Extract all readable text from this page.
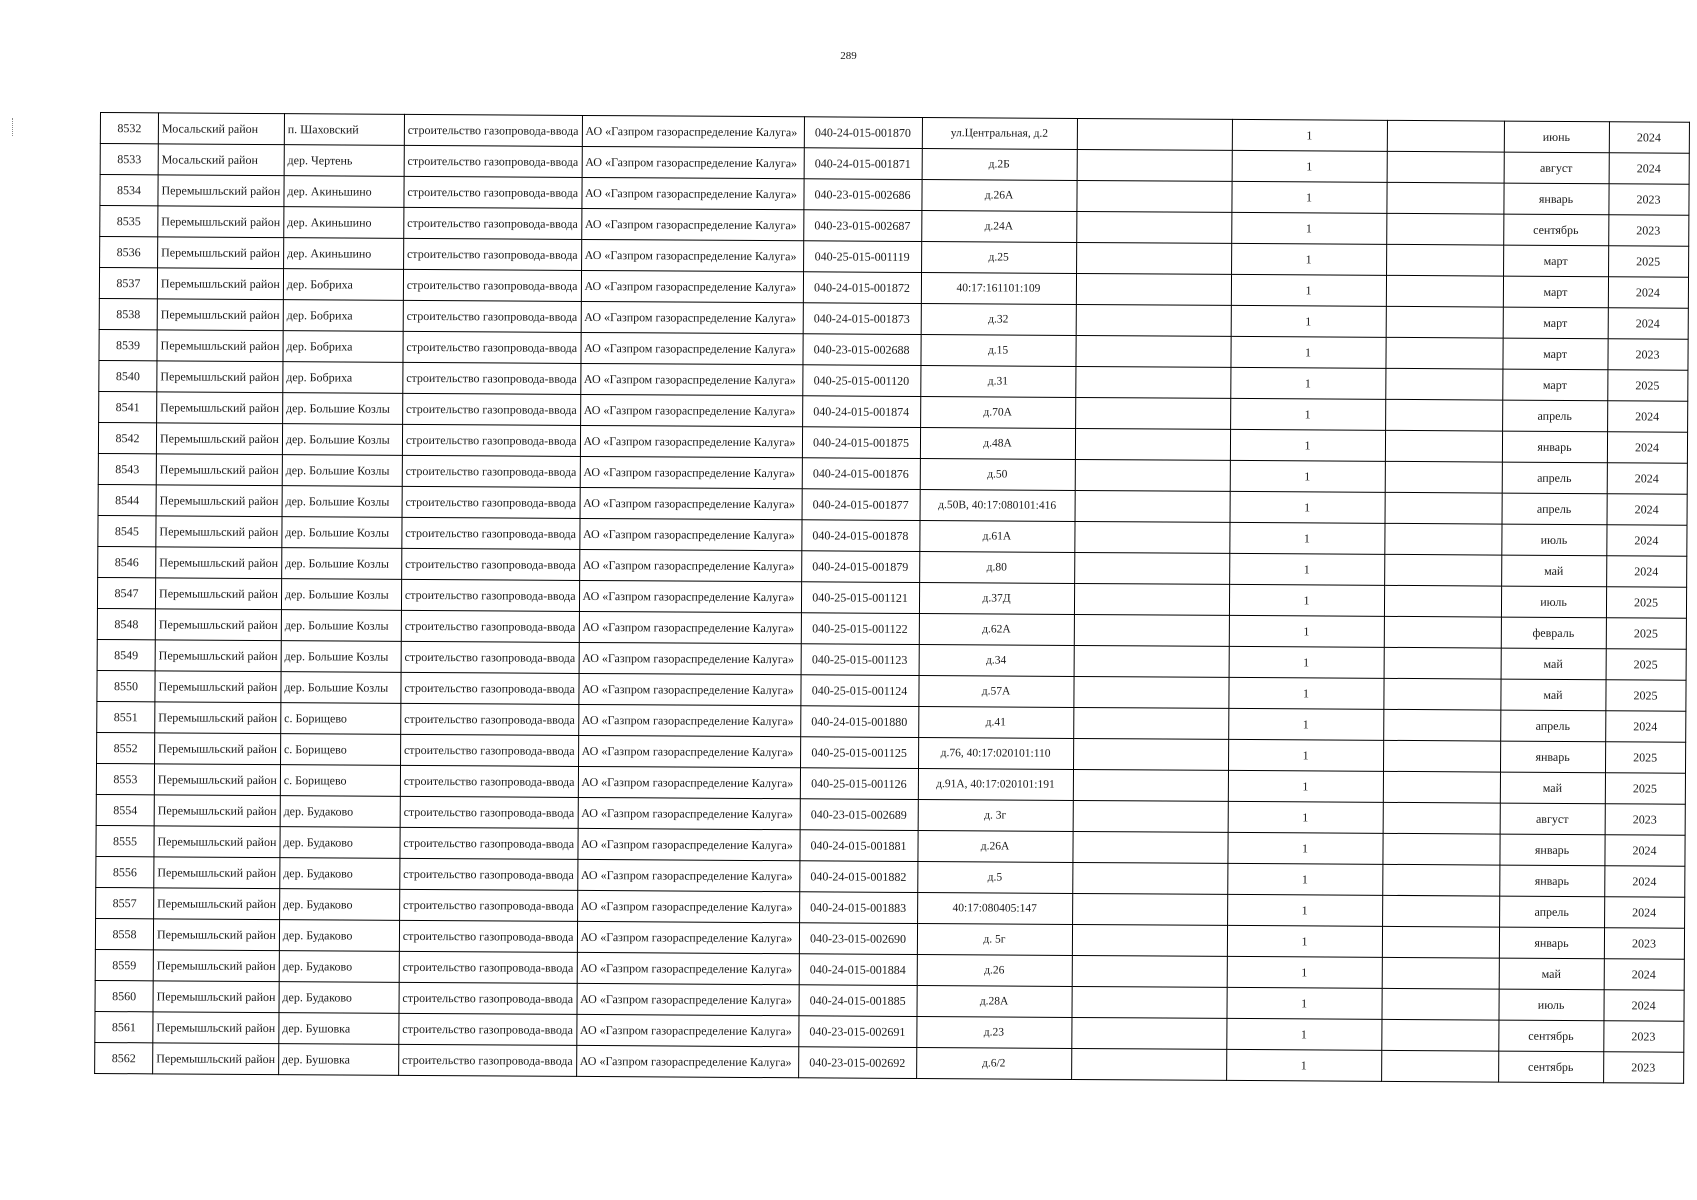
289
8532	Мосальский район	п. Шаховский	строительство газопровода-ввода	АО «Газпром газораспределение Калуга»	040-24-015-001870	ул.Центральная, д.2		1		июнь	2024
8533	Мосальский район	дер. Чертень	строительство газопровода-ввода	АО «Газпром газораспределение Калуга»	040-24-015-001871	д.2Б		1		август	2024
8534	Перемышльский район	дер. Акиньшино	строительство газопровода-ввода	АО «Газпром газораспределение Калуга»	040-23-015-002686	д.26А		1		январь	2023
8535	Перемышльский район	дер. Акиньшино	строительство газопровода-ввода	АО «Газпром газораспределение Калуга»	040-23-015-002687	д.24А		1		сентябрь	2023
8536	Перемышльский район	дер. Акиньшино	строительство газопровода-ввода	АО «Газпром газораспределение Калуга»	040-25-015-001119	д.25		1		март	2025
8537	Перемышльский район	дер. Бобриха	строительство газопровода-ввода	АО «Газпром газораспределение Калуга»	040-24-015-001872	40:17:161101:109		1		март	2024
8538	Перемышльский район	дер. Бобриха	строительство газопровода-ввода	АО «Газпром газораспределение Калуга»	040-24-015-001873	д.32		1		март	2024
8539	Перемышльский район	дер. Бобриха	строительство газопровода-ввода	АО «Газпром газораспределение Калуга»	040-23-015-002688	д.15		1		март	2023
8540	Перемышльский район	дер. Бобриха	строительство газопровода-ввода	АО «Газпром газораспределение Калуга»	040-25-015-001120	д.31		1		март	2025
8541	Перемышльский район	дер. Большие Козлы	строительство газопровода-ввода	АО «Газпром газораспределение Калуга»	040-24-015-001874	д.70А		1		апрель	2024
8542	Перемышльский район	дер. Большие Козлы	строительство газопровода-ввода	АО «Газпром газораспределение Калуга»	040-24-015-001875	д.48А		1		январь	2024
8543	Перемышльский район	дер. Большие Козлы	строительство газопровода-ввода	АО «Газпром газораспределение Калуга»	040-24-015-001876	д.50		1		апрель	2024
8544	Перемышльский район	дер. Большие Козлы	строительство газопровода-ввода	АО «Газпром газораспределение Калуга»	040-24-015-001877	д.50В, 40:17:080101:416		1		апрель	2024
8545	Перемышльский район	дер. Большие Козлы	строительство газопровода-ввода	АО «Газпром газораспределение Калуга»	040-24-015-001878	д.61А		1		июль	2024
8546	Перемышльский район	дер. Большие Козлы	строительство газопровода-ввода	АО «Газпром газораспределение Калуга»	040-24-015-001879	д.80		1		май	2024
8547	Перемышльский район	дер. Большие Козлы	строительство газопровода-ввода	АО «Газпром газораспределение Калуга»	040-25-015-001121	д.37Д		1		июль	2025
8548	Перемышльский район	дер. Большие Козлы	строительство газопровода-ввода	АО «Газпром газораспределение Калуга»	040-25-015-001122	д.62А		1		февраль	2025
8549	Перемышльский район	дер. Большие Козлы	строительство газопровода-ввода	АО «Газпром газораспределение Калуга»	040-25-015-001123	д.34		1		май	2025
8550	Перемышльский район	дер. Большие Козлы	строительство газопровода-ввода	АО «Газпром газораспределение Калуга»	040-25-015-001124	д.57А		1		май	2025
8551	Перемышльский район	с. Борищево	строительство газопровода-ввода	АО «Газпром газораспределение Калуга»	040-24-015-001880	д.41		1		апрель	2024
8552	Перемышльский район	с. Борищево	строительство газопровода-ввода	АО «Газпром газораспределение Калуга»	040-25-015-001125	д.76, 40:17:020101:110		1		январь	2025
8553	Перемышльский район	с. Борищево	строительство газопровода-ввода	АО «Газпром газораспределение Калуга»	040-25-015-001126	д.91А, 40:17:020101:191		1		май	2025
8554	Перемышльский район	дер. Будаково	строительство газопровода-ввода	АО «Газпром газораспределение Калуга»	040-23-015-002689	д. 3г		1		август	2023
8555	Перемышльский район	дер. Будаково	строительство газопровода-ввода	АО «Газпром газораспределение Калуга»	040-24-015-001881	д.26А		1		январь	2024
8556	Перемышльский район	дер. Будаково	строительство газопровода-ввода	АО «Газпром газораспределение Калуга»	040-24-015-001882	д.5		1		январь	2024
8557	Перемышльский район	дер. Будаково	строительство газопровода-ввода	АО «Газпром газораспределение Калуга»	040-24-015-001883	40:17:080405:147		1		апрель	2024
8558	Перемышльский район	дер. Будаково	строительство газопровода-ввода	АО «Газпром газораспределение Калуга»	040-23-015-002690	д. 5г		1		январь	2023
8559	Перемышльский район	дер. Будаково	строительство газопровода-ввода	АО «Газпром газораспределение Калуга»	040-24-015-001884	д.26		1		май	2024
8560	Перемышльский район	дер. Будаково	строительство газопровода-ввода	АО «Газпром газораспределение Калуга»	040-24-015-001885	д.28А		1		июль	2024
8561	Перемышльский район	дер. Бушовка	строительство газопровода-ввода	АО «Газпром газораспределение Калуга»	040-23-015-002691	д.23		1		сентябрь	2023
8562	Перемышльский район	дер. Бушовка	строительство газопровода-ввода	АО «Газпром газораспределение Калуга»	040-23-015-002692	д.6/2		1		сентябрь	2023
